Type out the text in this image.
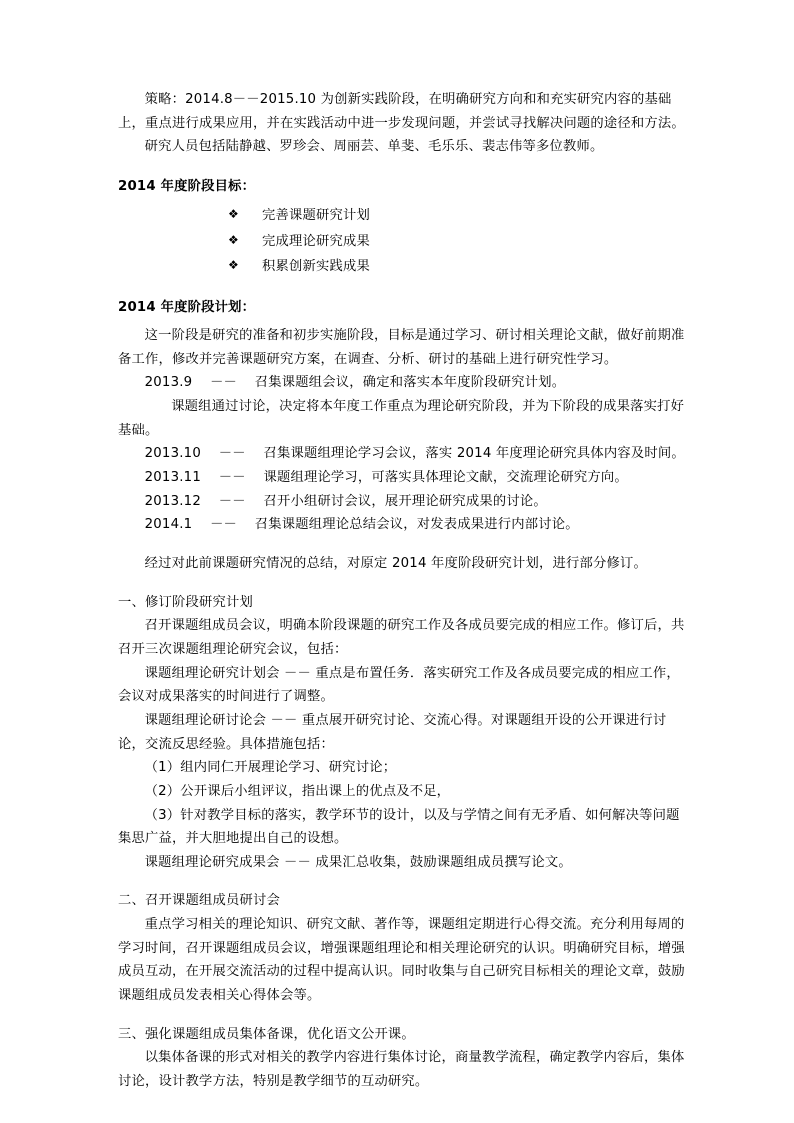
策略：2014.8－－2015.10 为创新实践阶段，在明确研究方向和和充实研究内容的基础上，重点进行成果应用，并在实践活动中进一步发现问题，并尝试寻找解决问题的途径和方法。

研究人员包括陆静越、罗珍会、周丽芸、单斐、毛乐乐、裴志伟等多位教师。

2014 年度阶段目标：

❖ 完善课题研究计划
❖ 完成理论研究成果
❖ 积累创新实践成果

2014 年度阶段计划：

这一阶段是研究的准备和初步实施阶段，目标是通过学习、研讨相关理论文献，做好前期准备工作，修改并完善课题研究方案，在调查、分析、研讨的基础上进行研究性学习。

2013.9 －－ 召集课题组会议，确定和落实本年度阶段研究计划。

课题组通过讨论，决定将本年度工作重点为理论研究阶段，并为下阶段的成果落实打好基础。

2013.10 －－ 召集课题组理论学习会议，落实 2014 年度理论研究具体内容及时间。

2013.11 －－ 课题组理论学习，可落实具体理论文献，交流理论研究方向。

2013.12 －－ 召开小组研讨会议，展开理论研究成果的讨论。

2014.1 －－ 召集课题组理论总结会议，对发表成果进行内部讨论。

经过对此前课题研究情况的总结，对原定 2014 年度阶段研究计划，进行部分修订。

一、修订阶段研究计划

召开课题组成员会议，明确本阶段课题的研究工作及各成员要完成的相应工作。修订后，共召开三次课题组理论研究会议，包括：

课题组理论研究计划会 －－ 重点是布置任务．落实研究工作及各成员要完成的相应工作，会议对成果落实的时间进行了调整。

课题组理论研讨论会 －－ 重点展开研究讨论、交流心得。对课题组开设的公开课进行讨论，交流反思经验。具体措施包括：

（1）组内同仁开展理论学习、研究讨论；

（2）公开课后小组评议，指出课上的优点及不足，

（3）针对教学目标的落实，教学环节的设计，以及与学情之间有无矛盾、如何解决等问题集思广益，并大胆地提出自己的设想。

课题组理论研究成果会 －－ 成果汇总收集，鼓励课题组成员撰写论文。

二、召开课题组成员研讨会

重点学习相关的理论知识、研究文献、著作等，课题组定期进行心得交流。充分利用每周的学习时间，召开课题组成员会议，增强课题组理论和相关理论研究的认识。明确研究目标，增强成员互动，在开展交流活动的过程中提高认识。同时收集与自己研究目标相关的理论文章，鼓励课题组成员发表相关心得体会等。

三、强化课题组成员集体备课，优化语文公开课。

以集体备课的形式对相关的教学内容进行集体讨论，商量教学流程，确定教学内容后，集体讨论，设计教学方法，特别是教学细节的互动研究。
